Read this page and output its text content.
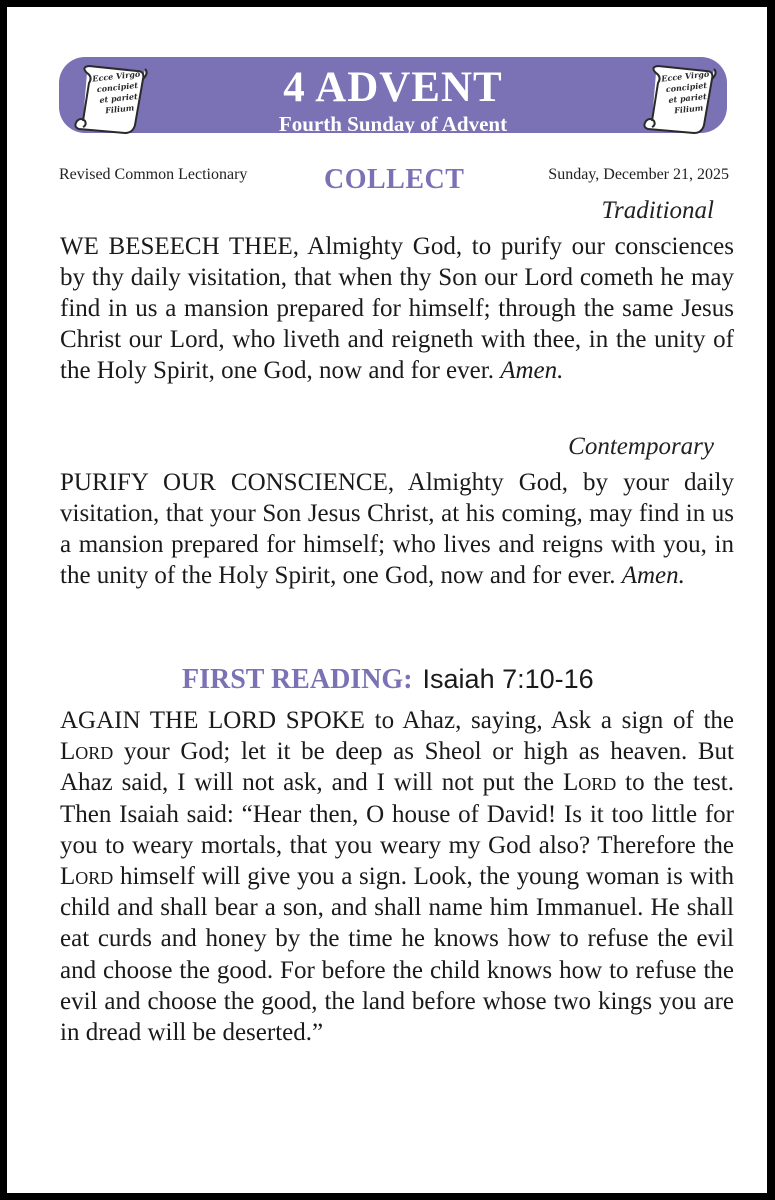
Ecce Virgo concipiet et pariet Filium	4 ADVENT
Fourth Sunday of Advent
Ecce Virgo concipiet et pariet Filium
Revised Common Lectionary	COLLECT	Sunday, December 21, 2025
Traditional
WE BESEECH THEE, Almighty God, to purify our consciences by thy daily visitation, that when thy Son our Lord cometh he may find in us a mansion prepared for himself; through the same Jesus Christ our Lord, who liveth and reigneth with thee, in the unity of the Holy Spirit, one God, now and for ever. Amen.
Contemporary
PURIFY OUR CONSCIENCE, Almighty God, by your daily visitation, that your Son Jesus Christ, at his coming, may find in us a mansion prepared for himself; who lives and reigns with you, in the unity of the Holy Spirit, one God, now and for ever. Amen.
FIRST READING: Isaiah 7:10-16
AGAIN THE LORD SPOKE to Ahaz, saying, Ask a sign of the Lord your God; let it be deep as Sheol or high as heaven. But Ahaz said, I will not ask, and I will not put the Lord to the test. Then Isaiah said: “Hear then, O house of David! Is it too little for you to weary mortals, that you weary my God also? Therefore the Lord himself will give you a sign. Look, the young woman is with child and shall bear a son, and shall name him Immanuel. He shall eat curds and honey by the time he knows how to refuse the evil and choose the good. For before the child knows how to refuse the evil and choose the good, the land before whose two kings you are in dread will be deserted.”
